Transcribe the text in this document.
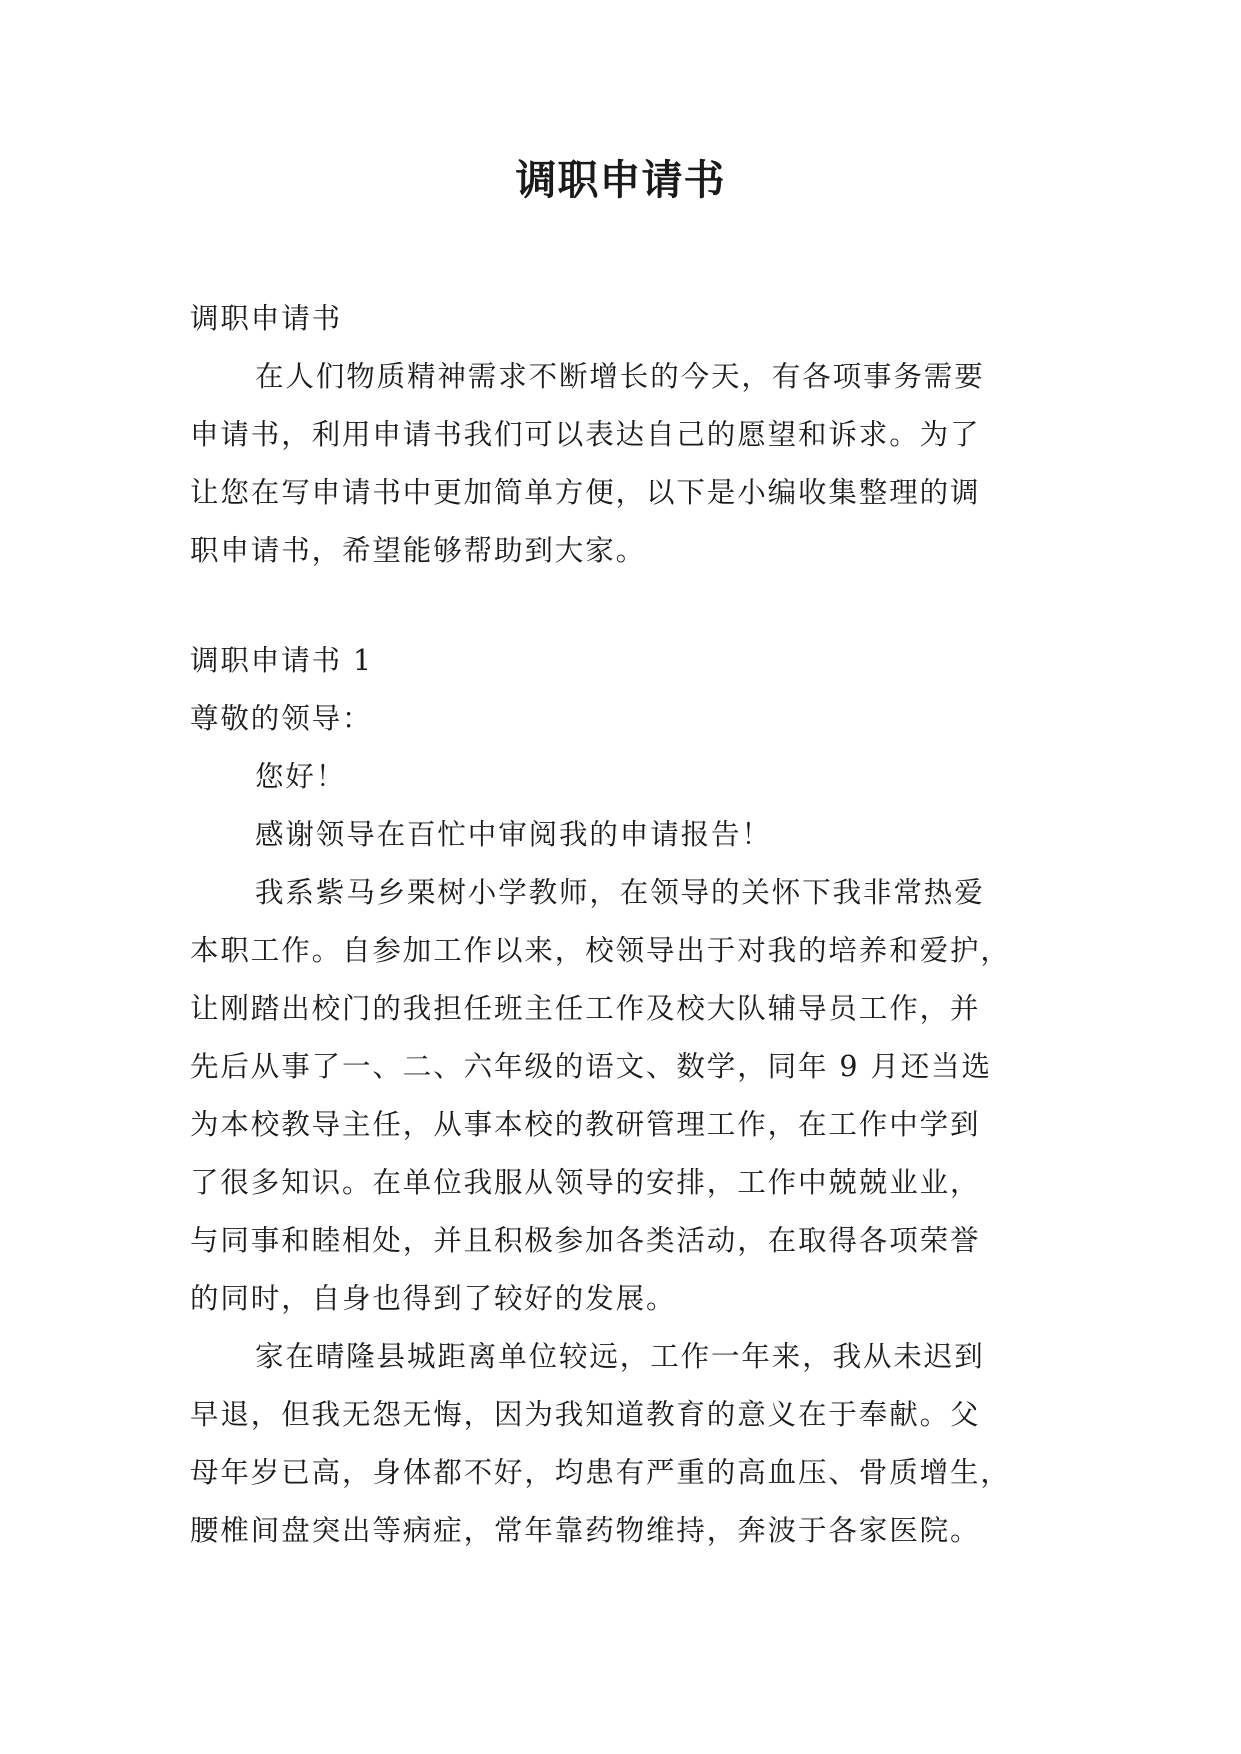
调职申请书

调职申请书

在人们物质精神需求不断增长的今天，有各项事务需要

申请书，利用申请书我们可以表达自己的愿望和诉求。为了

让您在写申请书中更加简单方便，以下是小编收集整理的调

职申请书，希望能够帮助到大家。

调职申请书 1

尊敬的领导：

您好！

感谢领导在百忙中审阅我的申请报告！

我系紫马乡栗树小学教师，在领导的关怀下我非常热爱

本职工作。自参加工作以来，校领导出于对我的培养和爱护，

让刚踏出校门的我担任班主任工作及校大队辅导员工作，并

先后从事了一、二、六年级的语文、数学，同年 9 月还当选

为本校教导主任，从事本校的教研管理工作，在工作中学到

了很多知识。在单位我服从领导的安排，工作中兢兢业业，

与同事和睦相处，并且积极参加各类活动，在取得各项荣誉

的同时，自身也得到了较好的发展。

家在晴隆县城距离单位较远，工作一年来，我从未迟到

早退，但我无怨无悔，因为我知道教育的意义在于奉献。父

母年岁已高，身体都不好，均患有严重的高血压、骨质增生，

腰椎间盘突出等病症，常年靠药物维持，奔波于各家医院。
